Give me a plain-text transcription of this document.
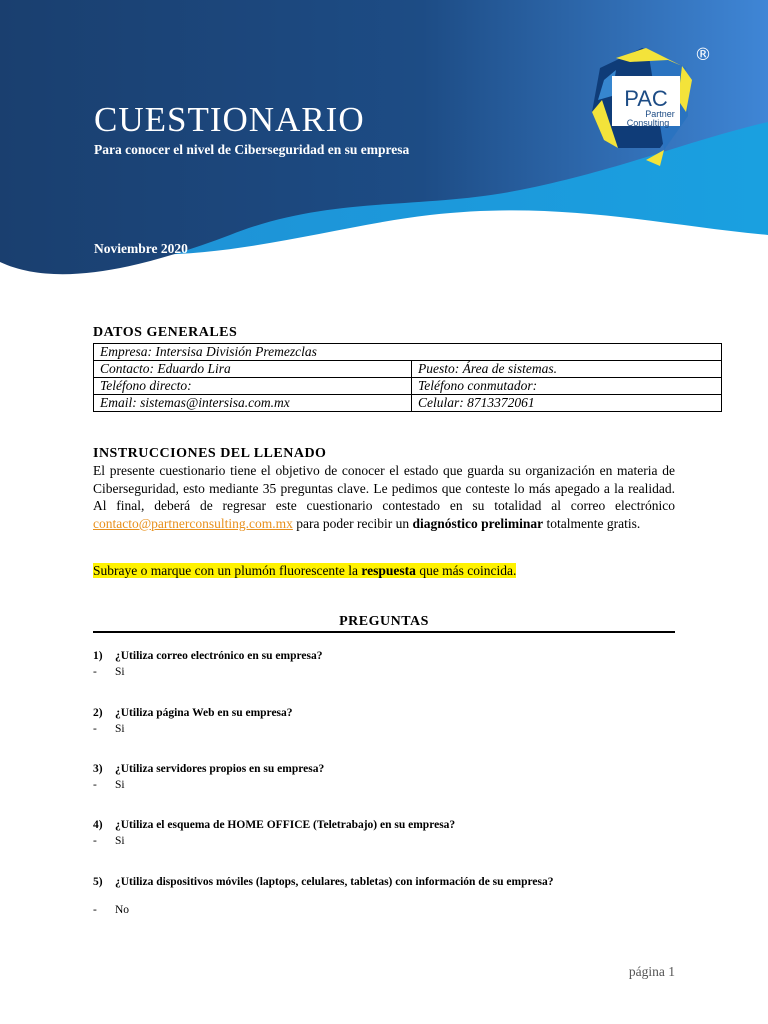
CUESTIONARIO
Para conocer el nivel de Ciberseguridad en su empresa
Noviembre 2020
PAC
Partner
Consulting
®
DATOS GENERALES
Empresa: Intersisa División Premezclas	
Contacto: Eduardo Lira	Puesto: Área de sistemas.
Teléfono directo:	Teléfono conmutador:
Email: sistemas@intersisa.com.mx	Celular: 8713372061
INSTRUCCIONES DEL LLENADO

El presente cuestionario tiene el objetivo de conocer el estado que guarda su organización en materia de Ciberseguridad, esto mediante 35 preguntas clave. Le pedimos que conteste lo más apegado a la realidad. Al final, deberá de regresar este cuestionario contestado en su totalidad al correo electrónico contacto@partnerconsulting.com.mx para poder recibir un diagnóstico preliminar totalmente gratis.

Subraye o marque con un plumón fluorescente la respuesta que más coincida.

PREGUNTAS
1) ¿Utiliza correo electrónico en su empresa?
- Si
2) ¿Utiliza página Web en su empresa?
- Si
3) ¿Utiliza servidores propios en su empresa?
- Si
4) ¿Utiliza el esquema de HOME OFFICE (Teletrabajo) en su empresa?
- Si
5) ¿Utiliza dispositivos móviles (laptops, celulares, tabletas) con información de su empresa?
- No
página 1
